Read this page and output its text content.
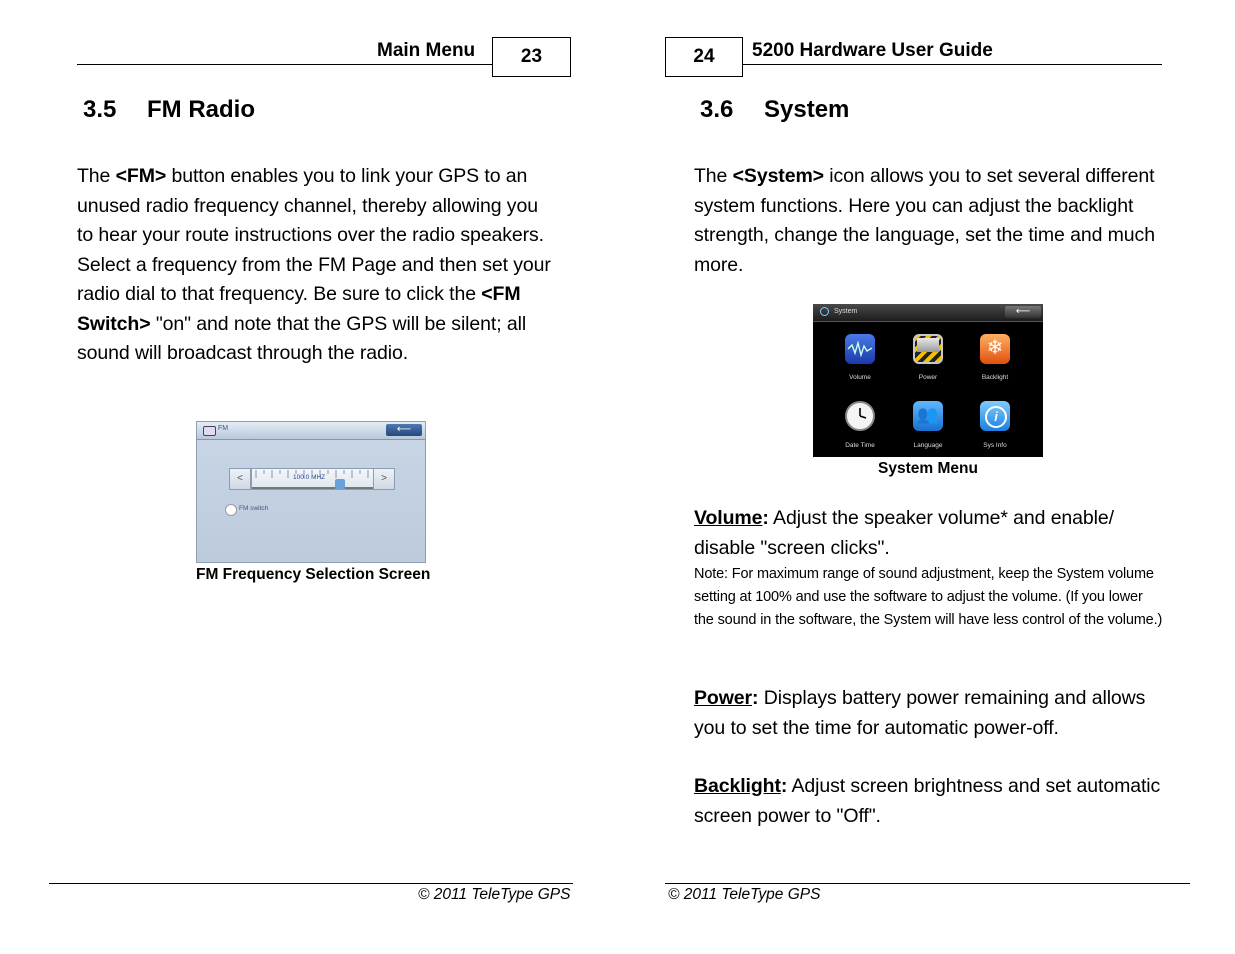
Main Menu	23
3.5 FM Radio
The <FM> button enables you to link your GPS to an unused radio frequency channel, thereby allowing you to hear your route instructions over the radio speakers. Select a frequency from the FM Page and then set your radio dial to that frequency. Be sure to click the <FM Switch> "on" and note that the GPS will be silent; all sound will broadcast through the radio.
FM	⟵
<	>
100.0 MHZ
FM switch
FM Frequency Selection Screen
© 2011 TeleType GPS
24	5200 Hardware User Guide
3.6 System
The <System> icon allows you to set several different system functions. Here you can adjust the backlight strength, change the language, set the time and much more.
System	⟵
Volume	Power
❄
Backlight
Date Time
👥
Language
i
Sys Info
System Menu
Volume: Adjust the speaker volume* and enable/ disable "screen clicks".
Note: For maximum range of sound adjustment, keep the System volume setting at 100% and use the software to adjust the volume. (If you lower the sound in the software, the System will have less control of the volume.)
Power: Displays battery power remaining and allows you to set the time for automatic power-off.
Backlight: Adjust screen brightness and set automatic screen power to "Off".
© 2011 TeleType GPS
